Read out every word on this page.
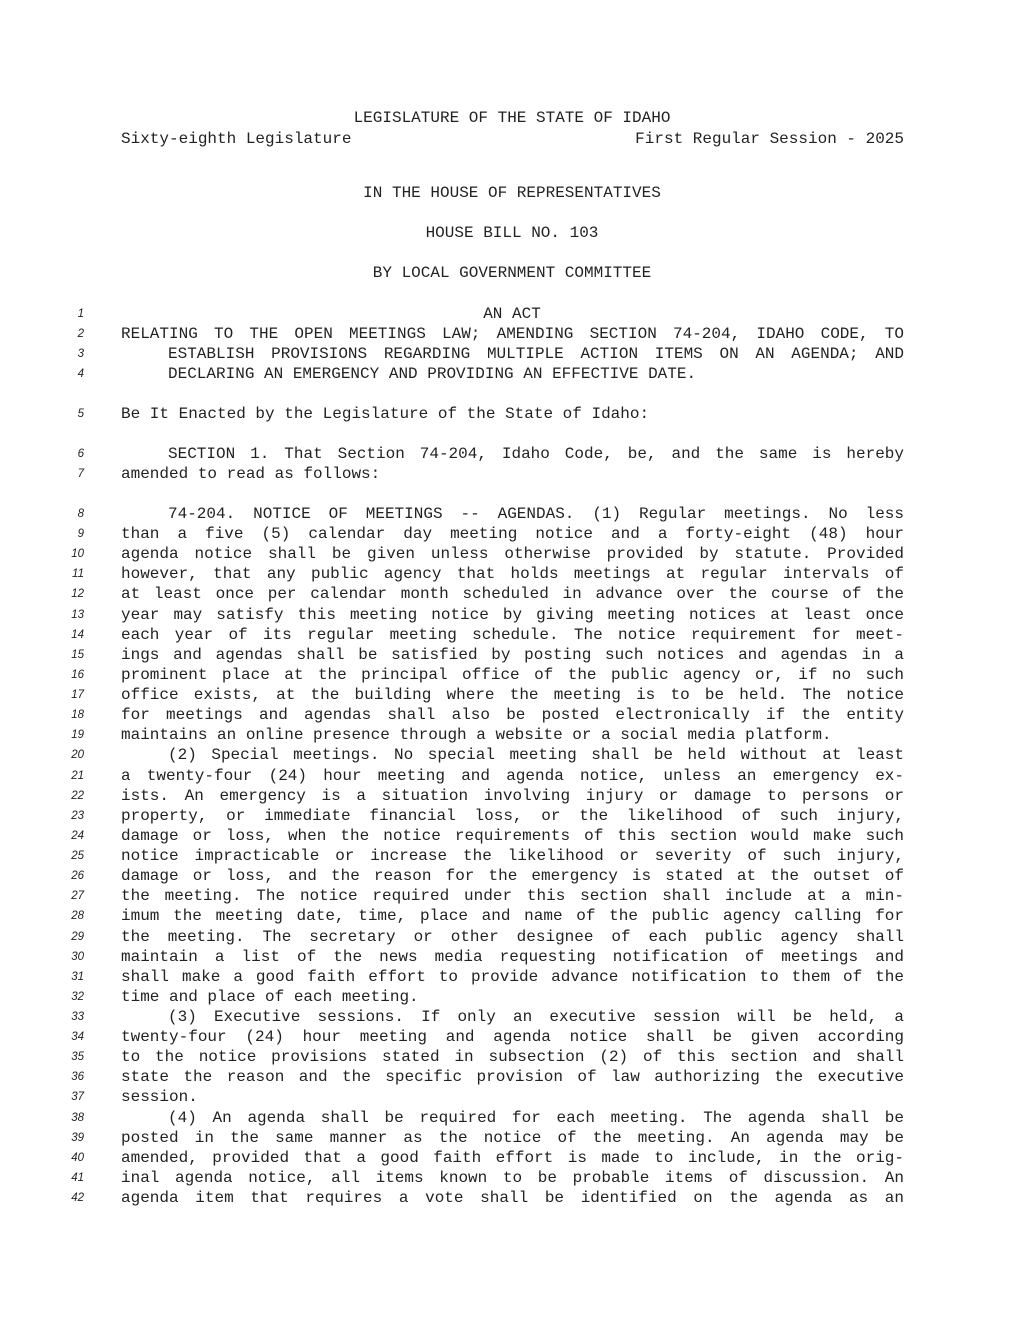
LEGISLATURE OF THE STATE OF IDAHO

Sixty-eighth Legislature

	First Regular Session - 2025

IN THE HOUSE OF REPRESENTATIVES
HOUSE BILL NO. 103
BY LOCAL GOVERNMENT COMMITTEE
1	AN ACT
2 RELATING TO THE OPEN MEETINGS LAW; AMENDING SECTION 74-204, IDAHO CODE, TO
3	ESTABLISH PROVISIONS REGARDING MULTIPLE ACTION ITEMS ON AN AGENDA; AND
4	DECLARING AN EMERGENCY AND PROVIDING AN EFFECTIVE DATE.
5 Be It Enacted by the Legislature of the State of Idaho:
6	SECTION 1. That Section 74-204, Idaho Code, be, and the same is hereby
7 amended to read as follows:
8	74-204. NOTICE OF MEETINGS -- AGENDAS. (1) Regular meetings. No less
9 than a five (5) calendar day meeting notice and a forty-eight (48) hour
10 agenda notice shall be given unless otherwise provided by statute. Provided
11 however, that any public agency that holds meetings at regular intervals of
12 at least once per calendar month scheduled in advance over the course of the
13 year may satisfy this meeting notice by giving meeting notices at least once
14 each year of its regular meeting schedule. The notice requirement for meet-
15 ings and agendas shall be satisfied by posting such notices and agendas in a
16 prominent place at the principal office of the public agency or, if no such
17 office exists, at the building where the meeting is to be held. The notice
18 for meetings and agendas shall also be posted electronically if the entity
19 maintains an online presence through a website or a social media platform.
20	(2) Special meetings. No special meeting shall be held without at least
21 a twenty-four (24) hour meeting and agenda notice, unless an emergency ex-
22 ists. An emergency is a situation involving injury or damage to persons or
23 property, or immediate financial loss, or the likelihood of such injury,
24 damage or loss, when the notice requirements of this section would make such
25 notice impracticable or increase the likelihood or severity of such injury,
26 damage or loss, and the reason for the emergency is stated at the outset of
27 the meeting. The notice required under this section shall include at a min-
28 imum the meeting date, time, place and name of the public agency calling for
29 the meeting. The secretary or other designee of each public agency shall
30 maintain a list of the news media requesting notification of meetings and
31 shall make a good faith effort to provide advance notification to them of the
32 time and place of each meeting.
33	(3) Executive sessions. If only an executive session will be held, a
34 twenty-four (24) hour meeting and agenda notice shall be given according
35 to the notice provisions stated in subsection (2) of this section and shall
36 state the reason and the specific provision of law authorizing the executive
37 session.
38	(4) An agenda shall be required for each meeting. The agenda shall be
39 posted in the same manner as the notice of the meeting. An agenda may be
40 amended, provided that a good faith effort is made to include, in the orig-
41 inal agenda notice, all items known to be probable items of discussion. An
42 agenda item that requires a vote shall be identified on the agenda as an
